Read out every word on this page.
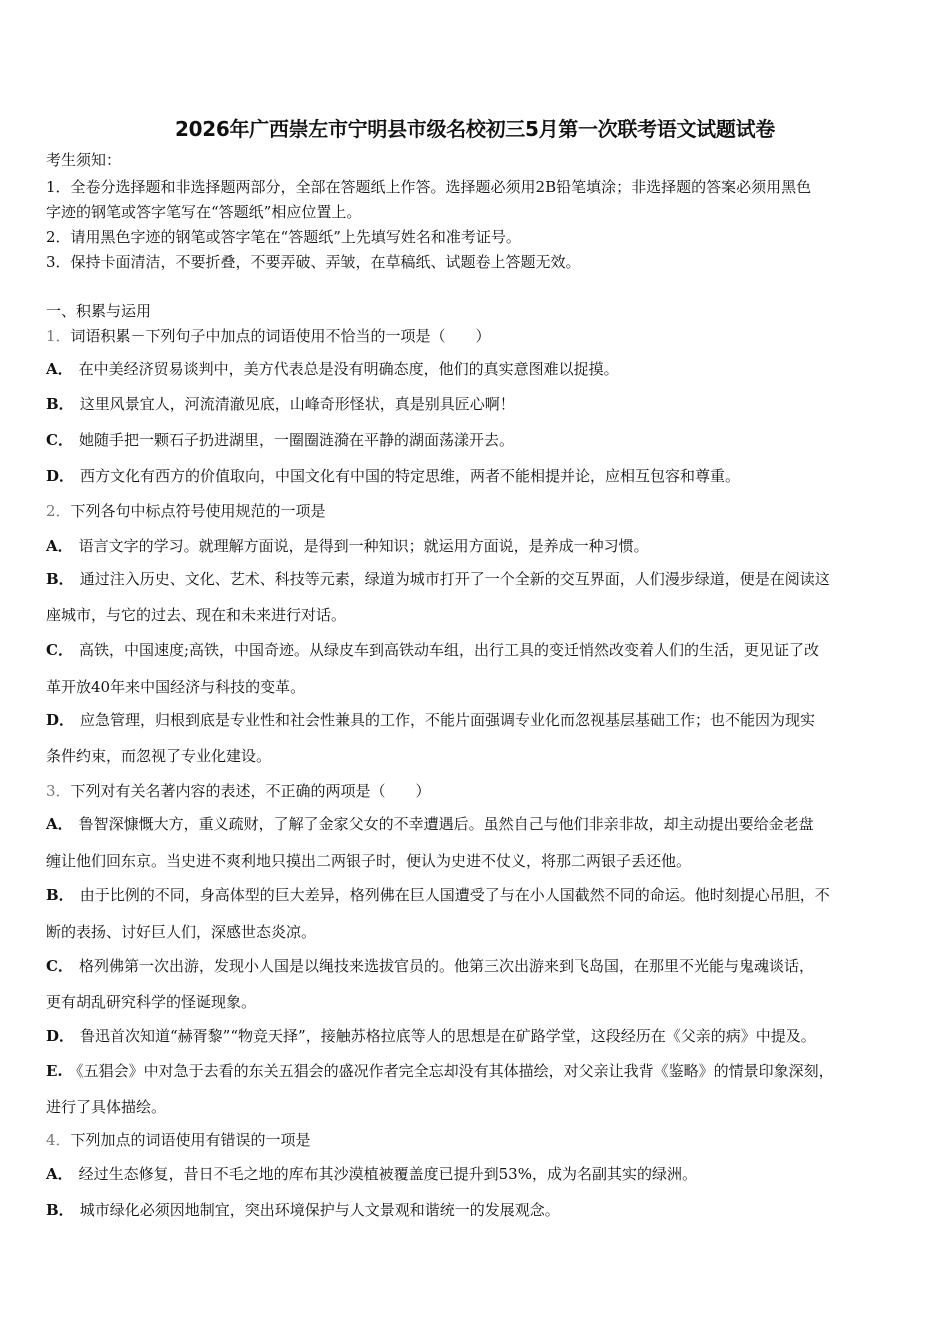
2026年广西崇左市宁明县市级名校初三5月第一次联考语文试题试卷
考生须知：
1．全卷分选择题和非选择题两部分，全部在答题纸上作答。选择题必须用2B铅笔填涂；非选择题的答案必须用黑色
字迹的钢笔或答字笔写在“答题纸”相应位置上。
2．请用黑色字迹的钢笔或答字笔在“答题纸”上先填写姓名和准考证号。
3．保持卡面清洁，不要折叠，不要弄破、弄皱，在草稿纸、试题卷上答题无效。
一、积累与运用
1．词语积累－下列句子中加点的词语使用不恰当的一项是（　　）
A． 在中美经济贸易谈判中，美方代表总是没有明确态度，他们的真实意图难以捉摸。
B． 这里风景宜人，河流清澈见底，山峰奇形怪状，真是别具匠心啊！
C． 她随手把一颗石子扔进湖里，一圈圈涟漪在平静的湖面荡漾开去。
D． 西方文化有西方的价值取向，中国文化有中国的特定思维，两者不能相提并论，应相互包容和尊重。
2．下列各句中标点符号使用规范的一项是
A． 语言文字的学习。就理解方面说，是得到一种知识；就运用方面说，是养成一种习惯。
B． 通过注入历史、文化、艺术、科技等元素，绿道为城市打开了一个全新的交互界面，人们漫步绿道，便是在阅读这
座城市，与它的过去、现在和未来进行对话。
C． 高铁，中国速度;高铁，中国奇迹。从绿皮车到高铁动车组，出行工具的变迁悄然改变着人们的生活，更见证了改
革开放40年来中国经济与科技的变革。
D． 应急管理，归根到底是专业性和社会性兼具的工作，不能片面强调专业化而忽视基层基础工作；也不能因为现实
条件约束，而忽视了专业化建设。
3．下列对有关名著内容的表述，不正确的两项是（　　）
A． 鲁智深慷慨大方，重义疏财，了解了金家父女的不幸遭遇后。虽然自己与他们非亲非故，却主动提出要给金老盘
缠让他们回东京。当史进不爽利地只摸出二两银子时，便认为史进不仗义，将那二两银子丢还他。
B． 由于比例的不同，身高体型的巨大差异，格列佛在巨人国遭受了与在小人国截然不同的命运。他时刻提心吊胆，不
断的表扬、讨好巨人们，深感世态炎凉。
C． 格列佛第一次出游，发现小人国是以绳技来选拔官员的。他第三次出游来到飞岛国，在那里不光能与鬼魂谈话，
更有胡乱研究科学的怪诞现象。
D． 鲁迅首次知道“赫胥黎”“物竞天择”，接触苏格拉底等人的思想是在矿路学堂，这段经历在《父亲的病》中提及。
E. 《五猖会》中对急于去看的东关五猖会的盛况作者完全忘却没有其体描绘，对父亲让我背《鉴略》的情景印象深刻，
进行了具体描绘。
4．下列加点的词语使用有错误的一项是
A． 经过生态修复，昔日不毛之地的库布其沙漠植被覆盖度已提升到53%，成为名副其实的绿洲。
B． 城市绿化必须因地制宜，突出环境保护与人文景观和谐统一的发展观念。
